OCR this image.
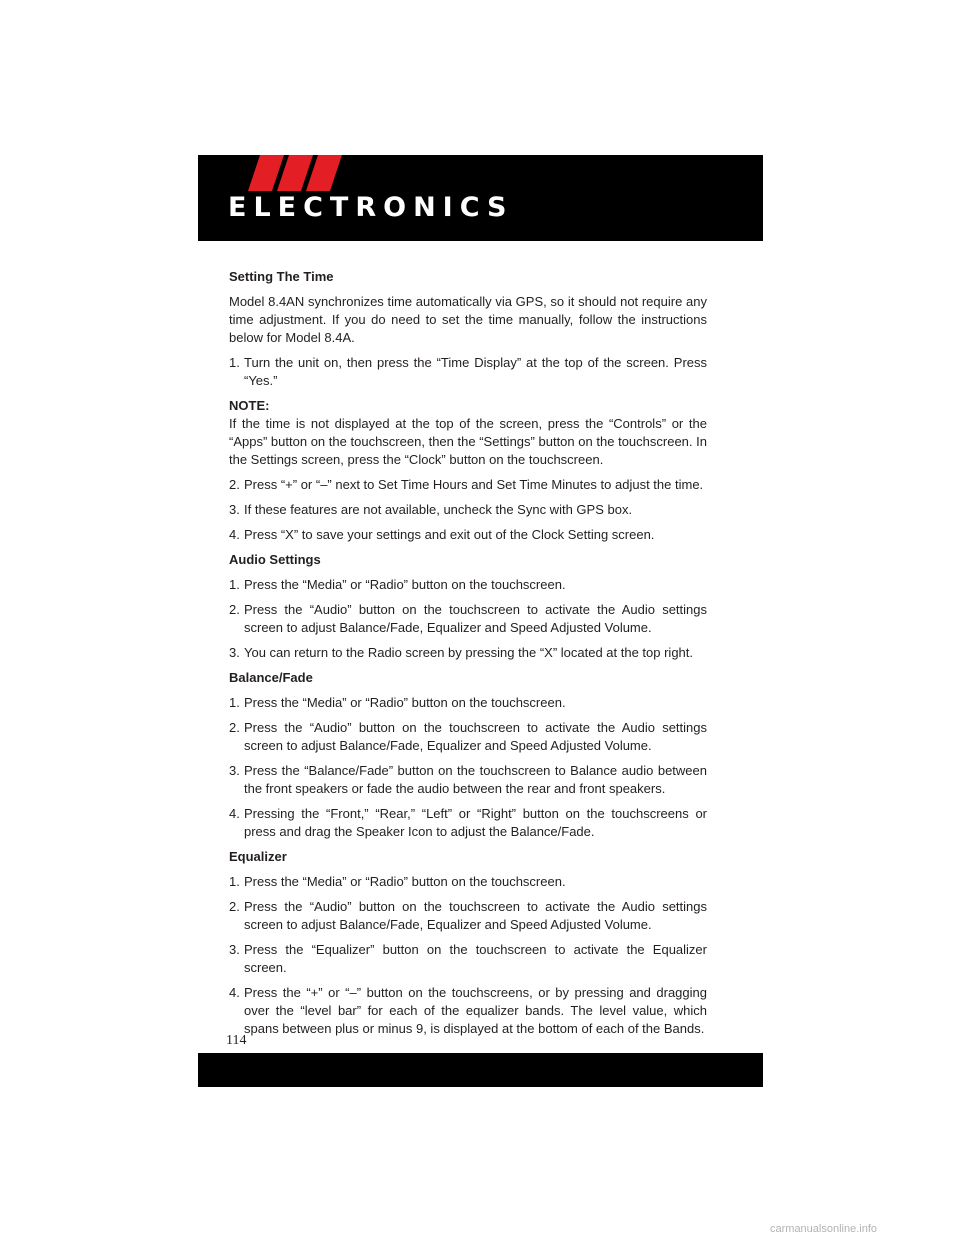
ELECTRONICS

Setting The Time

Model 8.4AN synchronizes time automatically via GPS, so it should not require any time adjustment. If you do need to set the time manually, follow the instructions below for Model 8.4A.

1. Turn the unit on, then press the “Time Display” at the top of the screen. Press “Yes.”

NOTE:

If the time is not displayed at the top of the screen, press the “Controls” or the “Apps” button on the touchscreen, then the “Settings” button on the touchscreen. In the Settings screen, press the “Clock” button on the touchscreen.

2. Press “+” or “–” next to Set Time Hours and Set Time Minutes to adjust the time.

3. If these features are not available, uncheck the Sync with GPS box.

4. Press “X” to save your settings and exit out of the Clock Setting screen.

Audio Settings

1. Press the “Media” or “Radio” button on the touchscreen.

2. Press the “Audio” button on the touchscreen to activate the Audio settings screen to adjust Balance/Fade, Equalizer and Speed Adjusted Volume.

3. You can return to the Radio screen by pressing the “X” located at the top right.

Balance/Fade

1. Press the “Media” or “Radio” button on the touchscreen.

2. Press the “Audio” button on the touchscreen to activate the Audio settings screen to adjust Balance/Fade, Equalizer and Speed Adjusted Volume.

3. Press the “Balance/Fade” button on the touchscreen to Balance audio between the front speakers or fade the audio between the rear and front speakers.

4. Pressing the “Front,” “Rear,” “Left” or “Right” button on the touchscreens or press and drag the Speaker Icon to adjust the Balance/Fade.

Equalizer

1. Press the “Media” or “Radio” button on the touchscreen.

2. Press the “Audio” button on the touchscreen to activate the Audio settings screen to adjust Balance/Fade, Equalizer and Speed Adjusted Volume.

3. Press the “Equalizer” button on the touchscreen to activate the Equalizer screen.

4. Press the “+” or “–” button on the touchscreens, or by pressing and dragging over the “level bar” for each of the equalizer bands. The level value, which spans between plus or minus 9, is displayed at the bottom of each of the Bands.

114

carmanualsonline.info
